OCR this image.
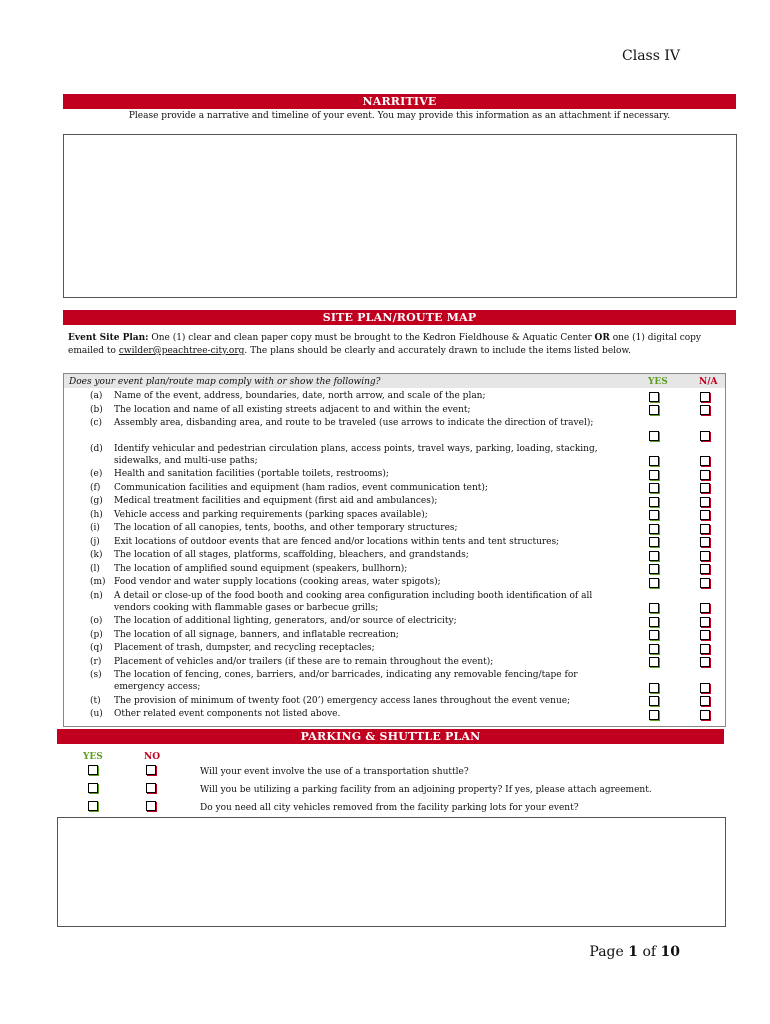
Class IV
NARRITIVE
Please provide a narrative and timeline of your event. You may provide this information as an attachment if necessary.
SITE PLAN/ROUTE MAP
Event Site Plan: One (1) clear and clean paper copy must be brought to the Kedron Fieldhouse & Aquatic Center OR one (1) digital copy
emailed to cwilder@peachtree-city.org. The plans should be clearly and accurately drawn to include the items listed below.
Does your event plan/route map comply with or show the following?	YES	N/A
(a)	Name of the event, address, boundaries, date, north arrow, and scale of the plan;
(b)	The location and name of all existing streets adjacent to and within the event;
(c)	Assembly area, disbanding area, and route to be traveled (use arrows to indicate the direction of travel);
(d)	Identify vehicular and pedestrian circulation plans, access points, travel ways, parking, loading, stacking,
sidewalks, and multi-use paths;
(e)	Health and sanitation facilities (portable toilets, restrooms);
(f)	Communication facilities and equipment (ham radios, event communication tent);
(g)	Medical treatment facilities and equipment (first aid and ambulances);
(h)	Vehicle access and parking requirements (parking spaces available);
(i)	The location of all canopies, tents, booths, and other temporary structures;
(j)	Exit locations of outdoor events that are fenced and/or locations within tents and tent structures;
(k)	The location of all stages, platforms, scaffolding, bleachers, and grandstands;
(l)	The location of amplified sound equipment (speakers, bullhorn);
(m) Food vendor and water supply locations (cooking areas, water spigots);
(n)	A detail or close-up of the food booth and cooking area configuration including booth identification of all
vendors cooking with flammable gases or barbecue grills;
(o)	The location of additional lighting, generators, and/or source of electricity;
(p)	The location of all signage, banners, and inflatable recreation;
(q)	Placement of trash, dumpster, and recycling receptacles;
(r)	Placement of vehicles and/or trailers (if these are to remain throughout the event);
(s)	The location of fencing, cones, barriers, and/or barricades, indicating any removable fencing/tape for
emergency access;
(t)	The provision of minimum of twenty foot (20’) emergency access lanes throughout the event venue;
(u)	Other related event components not listed above.
PARKING & SHUTTLE PLAN
YES	NO
Will your event involve the use of a transportation shuttle?
Will you be utilizing a parking facility from an adjoining property? If yes, please attach agreement.
Do you need all city vehicles removed from the facility parking lots for your event?
Page 1 of 10
